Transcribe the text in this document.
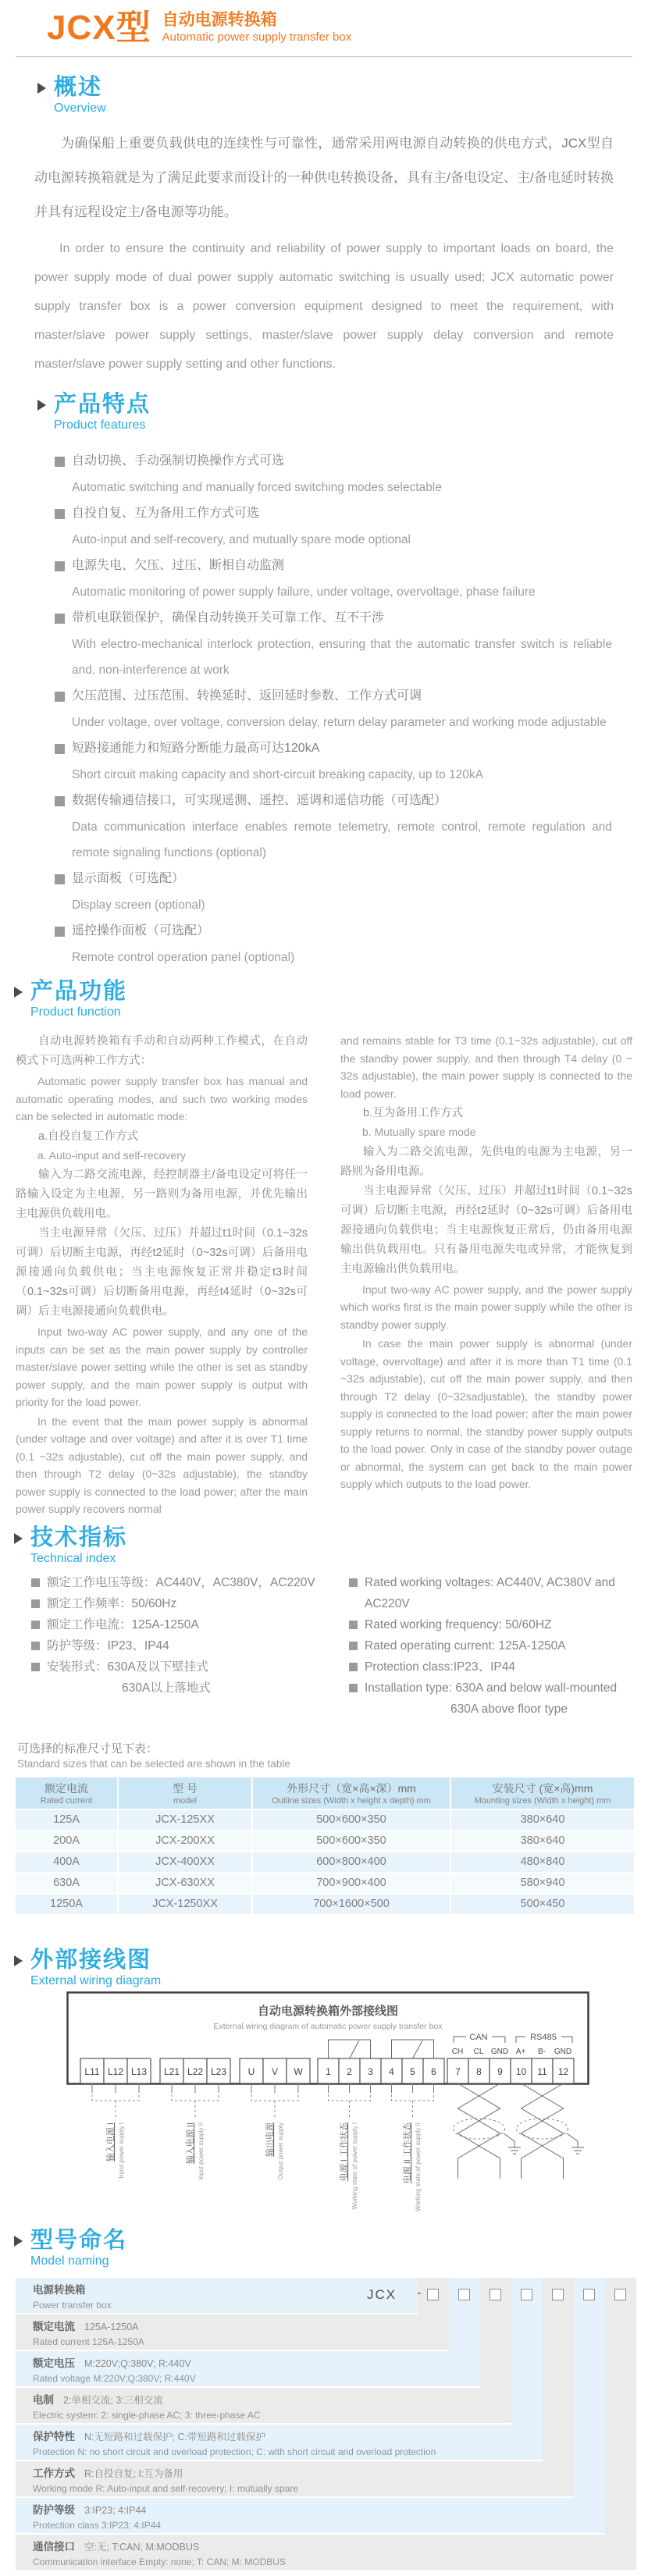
JCX型 自动电源转换箱
Automatic power supply transfer box
概述
Overview

为确保船上重要负载供电的连续性与可靠性，通常采用两电源自动转换的供电方式，JCX型自动电源转换箱就是为了满足此要求而设计的一种供电转换设备，具有主/备电设定、主/备电延时转换并具有远程设定主/备电源等功能。

In order to ensure the continuity and reliability of power supply to important loads on board, the power supply mode of dual power supply automatic switching is usually used; JCX automatic power supply transfer box is a power conversion equipment designed to meet the requirement, with master/slave power supply settings, master/slave power supply delay conversion and remote master/slave power supply setting and other functions.

产品特点
Product features
自动切换、手动强制切换操作方式可选
Automatic switching and manually forced switching modes selectable
自投自复、互为备用工作方式可选
Auto-input and self-recovery, and mutually spare mode optional
电源失电、欠压、过压、断相自动监测
Automatic monitoring of power supply failure, under voltage, overvoltage, phase failure
带机电联锁保护，确保自动转换开关可靠工作、互不干涉
With electro-mechanical interlock protection, ensuring that the automatic transfer switch is reliable and, non-interference at work
欠压范围、过压范围、转换延时、返回延时参数、工作方式可调
Under voltage, over voltage, conversion delay, return delay parameter and working mode adjustable
短路接通能力和短路分断能力最高可达120kA
Short circuit making capacity and short-circuit breaking capacity, up to 120kA
数据传输通信接口，可实现遥测、遥控、遥调和遥信功能（可选配）
Data communication interface enables remote telemetry, remote control, remote regulation and remote signaling functions (optional)
显示面板（可选配）
Display screen (optional)
遥控操作面板（可选配）
Remote control operation panel (optional)
产品功能
Product function

自动电源转换箱有手动和自动两种工作模式，在自动模式下可选两种工作方式：

Automatic power supply transfer box has manual and automatic operating modes, and such two working modes can be selected in automatic mode:

a.自投自复工作方式

a. Auto-input and self-recovery

输入为二路交流电源，经控制器主/备电设定可将任一路输入设定为主电源，另一路则为备用电源，并优先输出主电源供负载用电。

当主电源异常（欠压、过压）并超过t1时间（0.1~32s可调）后切断主电源，再经t2延时（0~32s可调）后备用电源接通向负载供电；当主电源恢复正常并稳定t3时间（0.1~32s可调）后切断备用电源，再经t4延时（0~32s可调）后主电源接通向负载供电。

Input two-way AC power supply, and any one of the inputs can be set as the main power supply by controller master/slave power setting while the other is set as standby power supply, and the main power supply is output with priority for the load power.

In the event that the main power supply is abnormal (under voltage and over voltage) and after it is over T1 time (0.1 ~32s adjustable), cut off the main power supply, and then through T2 delay (0~32s adjustable), the standby power supply is connected to the load power; after the main power supply recovers normal

and remains stable for T3 time (0.1~32s adjustable), cut off the standby power supply, and then through T4 delay (0 ~ 32s adjustable), the main power supply is connected to the load power.

b.互为备用工作方式

b. Mutually spare mode

输入为二路交流电源，先供电的电源为主电源，另一路则为备用电源。

当主电源异常（欠压、过压）并超过t1时间（0.1~32s可调）后切断主电源，再经t2延时（0~32s可调）后备用电源接通向负载供电；当主电源恢复正常后，仍由备用电源输出供负载用电。只有备用电源失电或异常，才能恢复到主电源输出供负载用电。

Input two-way AC power supply, and the power supply which works first is the main power supply while the other is standby power supply.

In case the main power supply is abnormal (under voltage, overvoltage) and after it is more than T1 time (0.1 ~32s adjustable), cut off the main power supply, and then through T2 delay (0~32sadjustable), the standby power supply is connected to the load power; after the main power supply returns to normal, the standby power supply outputs to the load power. Only in case of the standby power outage or abnormal, the system can get back to the main power supply which outputs to the load power.

技术指标
Technical index
额定工作电压等级：AC440V，AC380V，AC220V
额定工作频率：50/60Hz
额定工作电流：125A-1250A
防护等级：IP23、IP44
安装形式：630A及以下壁挂式
630A以上落地式
Rated working voltages: AC440V, AC380V and AC220V
Rated working frequency: 50/60HZ
Rated operating current: 125A-1250A
Protection class:IP23、IP44
Installation type: 630A and below wall-mounted
630A above floor type
可选择的标准尺寸见下表：
Standard sizes that can be selected are shown in the table
额定电流
Rated current

型 号
model

外形尺寸（宽×高×深）mm
Outline sizes (Width x height x depth) mm

安装尺寸 (宽×高)mm
Mounting sizes (Width x height) mm

125A	JCX-125XX	500×600×350	380×640
200A	JCX-200XX	500×600×350	380×640
400A	JCX-400XX	600×800×400	480×840
630A	JCX-630XX	700×900×400	580×940
1250A	JCX-1250XX	700×1600×500	500×450
外部接线图
External wiring diagram
自动电源转换箱外部接线图
External wiring diagram of automatic power supply transfer box
CAN	RS485
CH CL GND A+ B- GND
L11 L12 L13 L21 L22 L23 U V W 1 2 3 4 5 6 7 8 9 10 11 12
输入电源 I Input power supply I	输入电源 II Input power supply II	输出电源 Output power supply	电源 I 工作状态 Working state of power supply I	电源 II 工作状态 Working state of power supply II
型号命名
Model naming
电源转换箱
Power transfer box
额定电流 125A-1250A
Rated current 125A-1250A
额定电压 M:220V;Q:380V; R:440V
Rated voltage M:220V;Q:380V; R:440V
电制 2:单相交流; 3:三相交流
Electric system: 2: single-phase AC; 3: three-phase AC
保护特性 N:无短路和过载保护; C:带短路和过载保护
Protection N: no short circuit and overload protection; C: with short circuit and overload protection
工作方式 R:自投自复; I:互为备用
Working mode R: Auto-input and self-recovery; I: mutually spare
防护等级 3:IP23; 4:IP44
Protection class 3:IP23; 4:IP44
通信接口 空:无; T:CAN; M:MODBUS
Communication interface Empty: none; T: CAN; M: MODBUS
JCX -
